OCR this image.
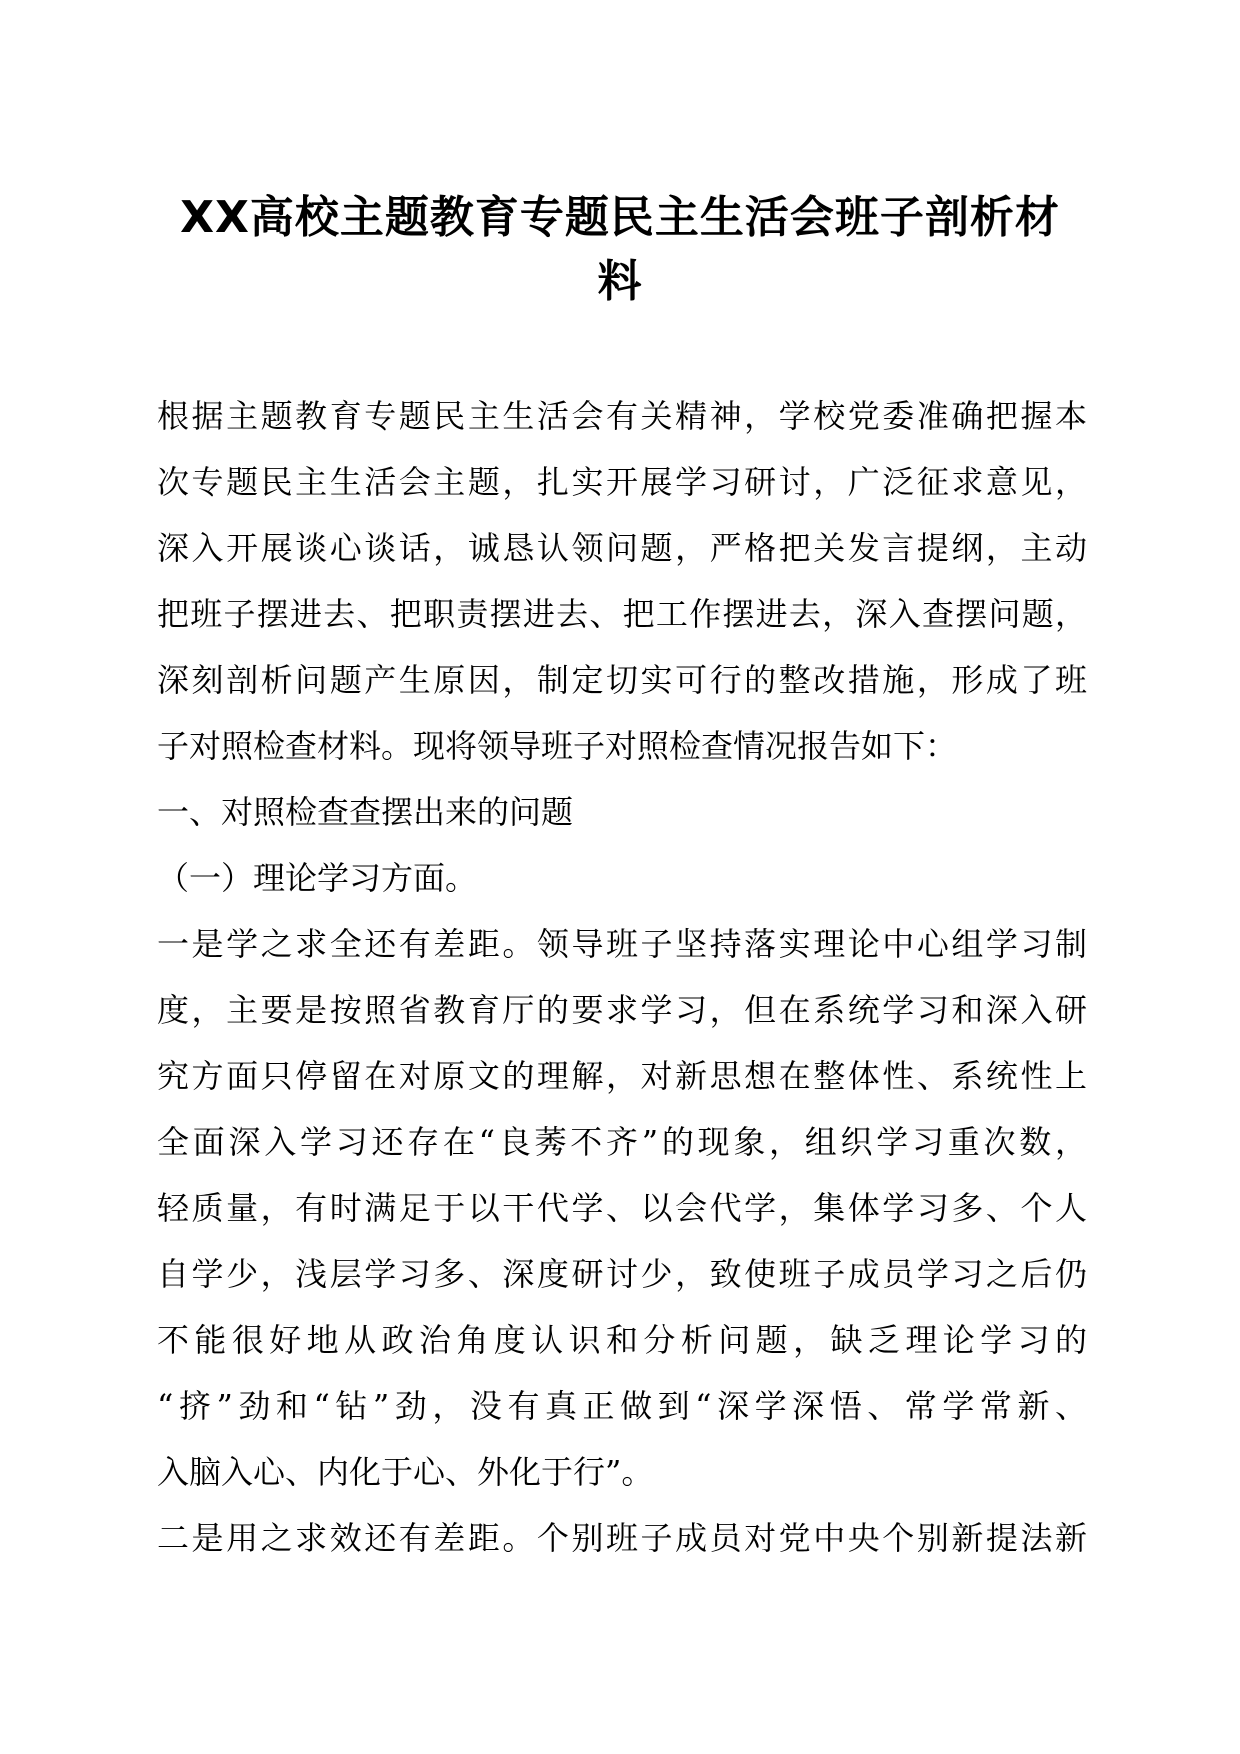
XX高校主题教育专题民主生活会班子剖析材
料
根据主题教育专题民主生活会有关精神，学校党委准确把握本
次专题民主生活会主题，扎实开展学习研讨，广泛征求意见，
深入开展谈心谈话，诚恳认领问题，严格把关发言提纲，主动
把班子摆进去、把职责摆进去、把工作摆进去，深入查摆问题，
深刻剖析问题产生原因，制定切实可行的整改措施，形成了班
子对照检查材料。现将领导班子对照检查情况报告如下：
一、对照检查查摆出来的问题
（一）理论学习方面。
一是学之求全还有差距。领导班子坚持落实理论中心组学习制
度，主要是按照省教育厅的要求学习，但在系统学习和深入研
究方面只停留在对原文的理解，对新思想在整体性、系统性上
全面深入学习还存在“良莠不齐”的现象，组织学习重次数，
轻质量，有时满足于以干代学、以会代学，集体学习多、个人
自学少，浅层学习多、深度研讨少，致使班子成员学习之后仍
不能很好地从政治角度认识和分析问题，缺乏理论学习的
“挤”劲和“钻”劲，没有真正做到“深学深悟、常学常新、
入脑入心、内化于心、外化于行”。
二是用之求效还有差距。个别班子成员对党中央个别新提法新
